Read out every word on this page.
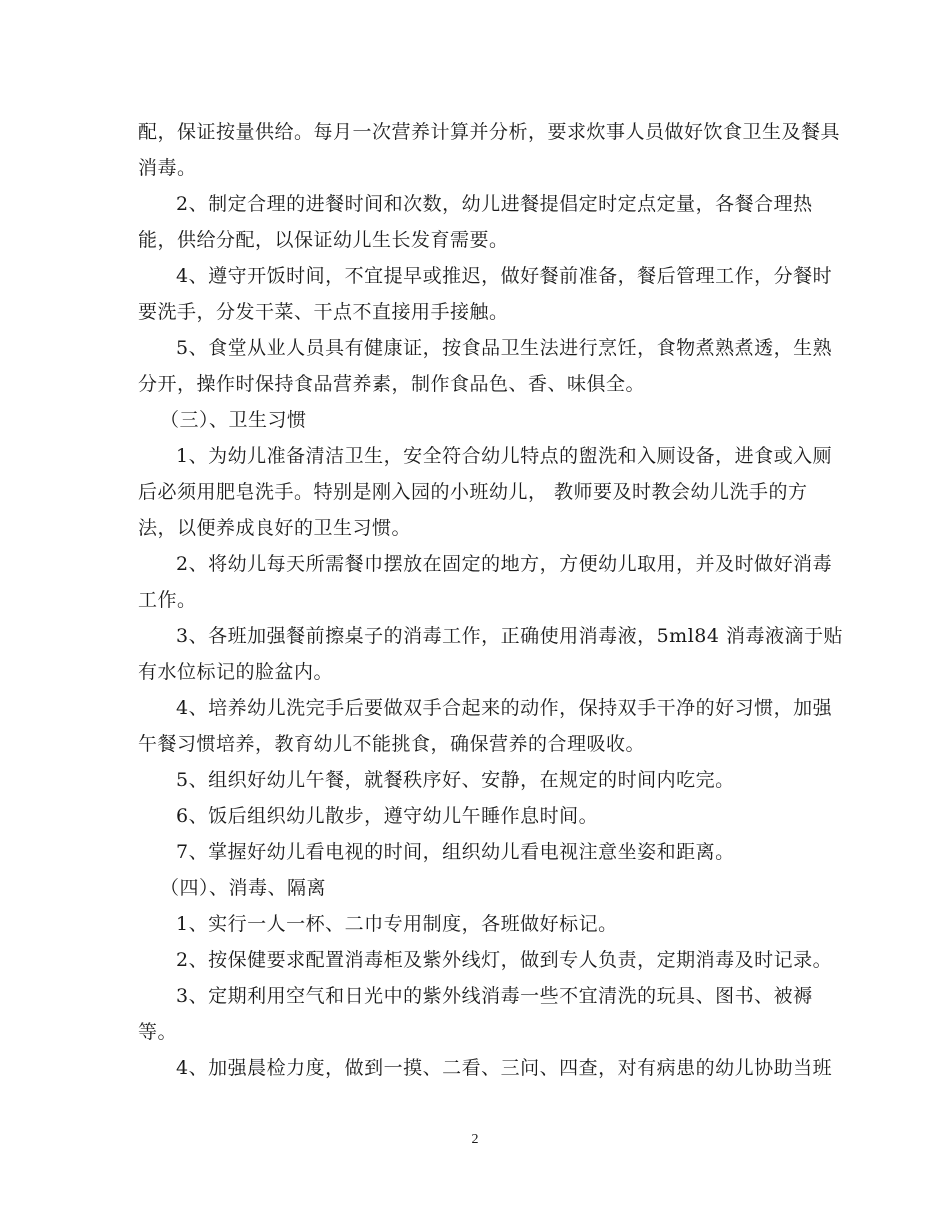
配，保证按量供给。每月一次营养计算并分析，要求炊事人员做好饮食卫生及餐具
消毒。
2、制定合理的进餐时间和次数，幼儿进餐提倡定时定点定量，各餐合理热
能，供给分配，以保证幼儿生长发育需要。
4、遵守开饭时间，不宜提早或推迟，做好餐前准备，餐后管理工作，分餐时
要洗手，分发干菜、干点不直接用手接触。
5、食堂从业人员具有健康证，按食品卫生法进行烹饪，食物煮熟煮透，生熟
分开，操作时保持食品营养素，制作食品色、香、味俱全。
（三）、卫生习惯
1、为幼儿准备清洁卫生，安全符合幼儿特点的盥洗和入厕设备，进食或入厕
后必须用肥皂洗手。特别是刚入园的小班幼儿， 教师要及时教会幼儿洗手的方
法，以便养成良好的卫生习惯。
2、将幼儿每天所需餐巾摆放在固定的地方，方便幼儿取用，并及时做好消毒
工作。
3、各班加强餐前擦桌子的消毒工作，正确使用消毒液，5ml84 消毒液滴于贴
有水位标记的脸盆内。
4、培养幼儿洗完手后要做双手合起来的动作，保持双手干净的好习惯，加强
午餐习惯培养，教育幼儿不能挑食，确保营养的合理吸收。
5、组织好幼儿午餐，就餐秩序好、安静，在规定的时间内吃完。
6、饭后组织幼儿散步，遵守幼儿午睡作息时间。
7、掌握好幼儿看电视的时间，组织幼儿看电视注意坐姿和距离。
（四）、消毒、隔离
1、实行一人一杯、二巾专用制度，各班做好标记。
2、按保健要求配置消毒柜及紫外线灯，做到专人负责，定期消毒及时记录。
3、定期利用空气和日光中的紫外线消毒一些不宜清洗的玩具、图书、被褥
等。
4、加强晨检力度，做到一摸、二看、三问、四查，对有病患的幼儿协助当班
2
